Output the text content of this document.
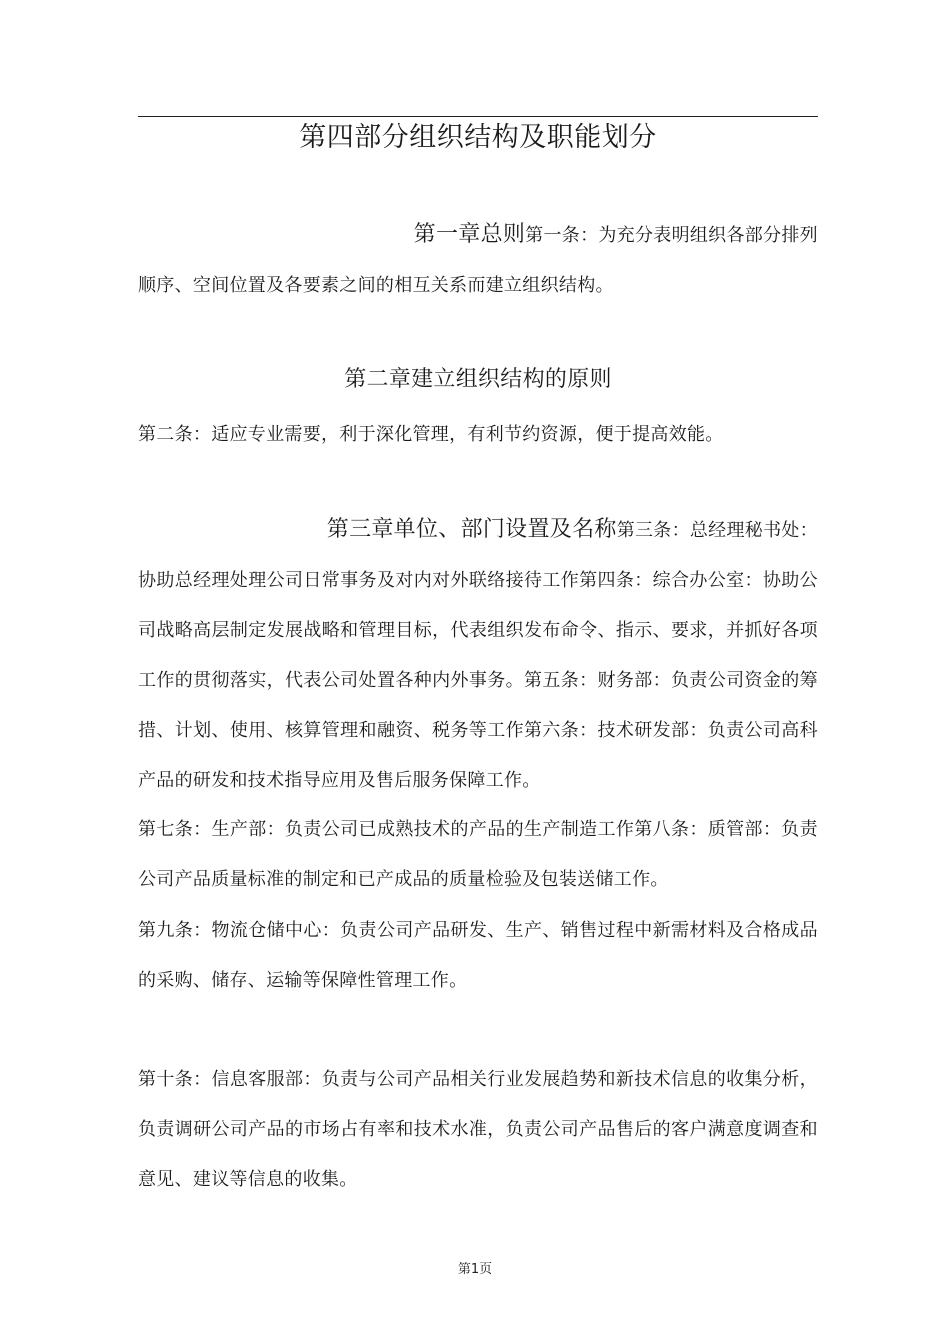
第四部分组织结构及职能划分
第一章总则第一条：为充分表明组织各部分排列
顺序、空间位置及各要素之间的相互关系而建立组织结构。
第二章建立组织结构的原则
第二条：适应专业需要，利于深化管理，有利节约资源，便于提高效能。
第三章单位、部门设置及名称第三条：总经理秘书处：
协助总经理处理公司日常事务及对内对外联络接待工作第四条：综合办公室：协助公司战略高层制定发展战略和管理目标，代表组织发布命令、指示、要求，并抓好各项工作的贯彻落实，代表公司处置各种内外事务。第五条：财务部：负责公司资金的筹措、计划、使用、核算管理和融资、税务等工作第六条：技术研发部：负责公司高科产品的研发和技术指导应用及售后服务保障工作。
第七条：生产部：负责公司已成熟技术的产品的生产制造工作第八条：质管部：负责公司产品质量标准的制定和已产成品的质量检验及包装送储工作。
第九条：物流仓储中心：负责公司产品研发、生产、销售过程中新需材料及合格成品的采购、储存、运输等保障性管理工作。
第十条：信息客服部：负责与公司产品相关行业发展趋势和新技术信息的收集分析，负责调研公司产品的市场占有率和技术水准，负责公司产品售后的客户满意度调查和意见、建议等信息的收集。
第1页
